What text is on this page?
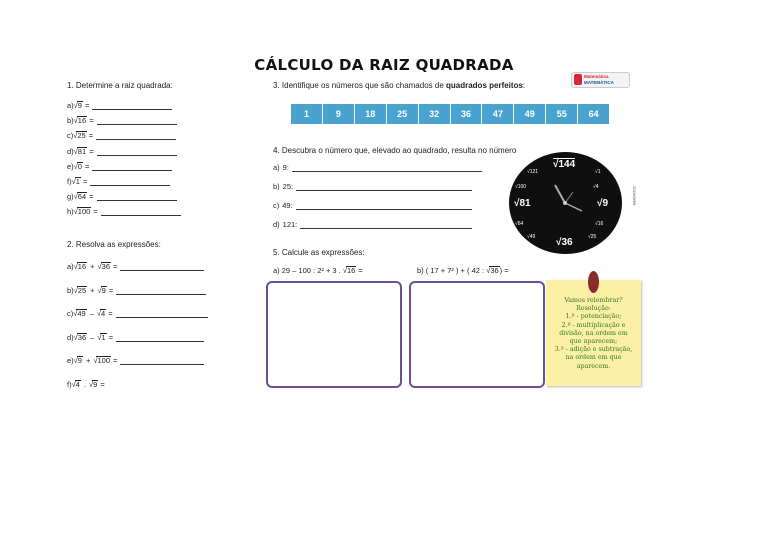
CÁLCULO DA RAIZ QUADRADA
Matemática
MATEMÁTICA
1. Determine a raiz quadrada:
a)√9 =
b)√16 =
c)√25 =
d)√81 =
e)√0 =
f)√1 =
g)√64 =
h)√100 =
2. Resolva as expressões:
a)√16 + √36 =
b)√25 + √9 =
c)√49 – √4 =
d)√36 – √1 =
e)√9 + √100 =
f)√4 . √9 =
3. Identifique os números que são chamados de quadrados perfeitos:
1	9	18	25	32	36	47	49	55	64
4. Descubra o número que, elevado ao quadrado, resulta no número
a) 9:
b) 25:
c) 49:
d) 121:
√144
√81	√9
√36
√1
√4
√16
√25
√49
√64
√100
√121
ZOOM/WEB
5. Calcule as expressões:
a) 29 – 100 : 2² + 3 . √16 =	b) ( 17 + 7² ) + ( 42 : √36) =
Vamos relembrar?
Resolução:
1.º - potenciação;
2.º - multiplicação e
divisão, na ordem em
que aparecem;
3.º - adição e subtração,
na ordem em que
aparecem.
